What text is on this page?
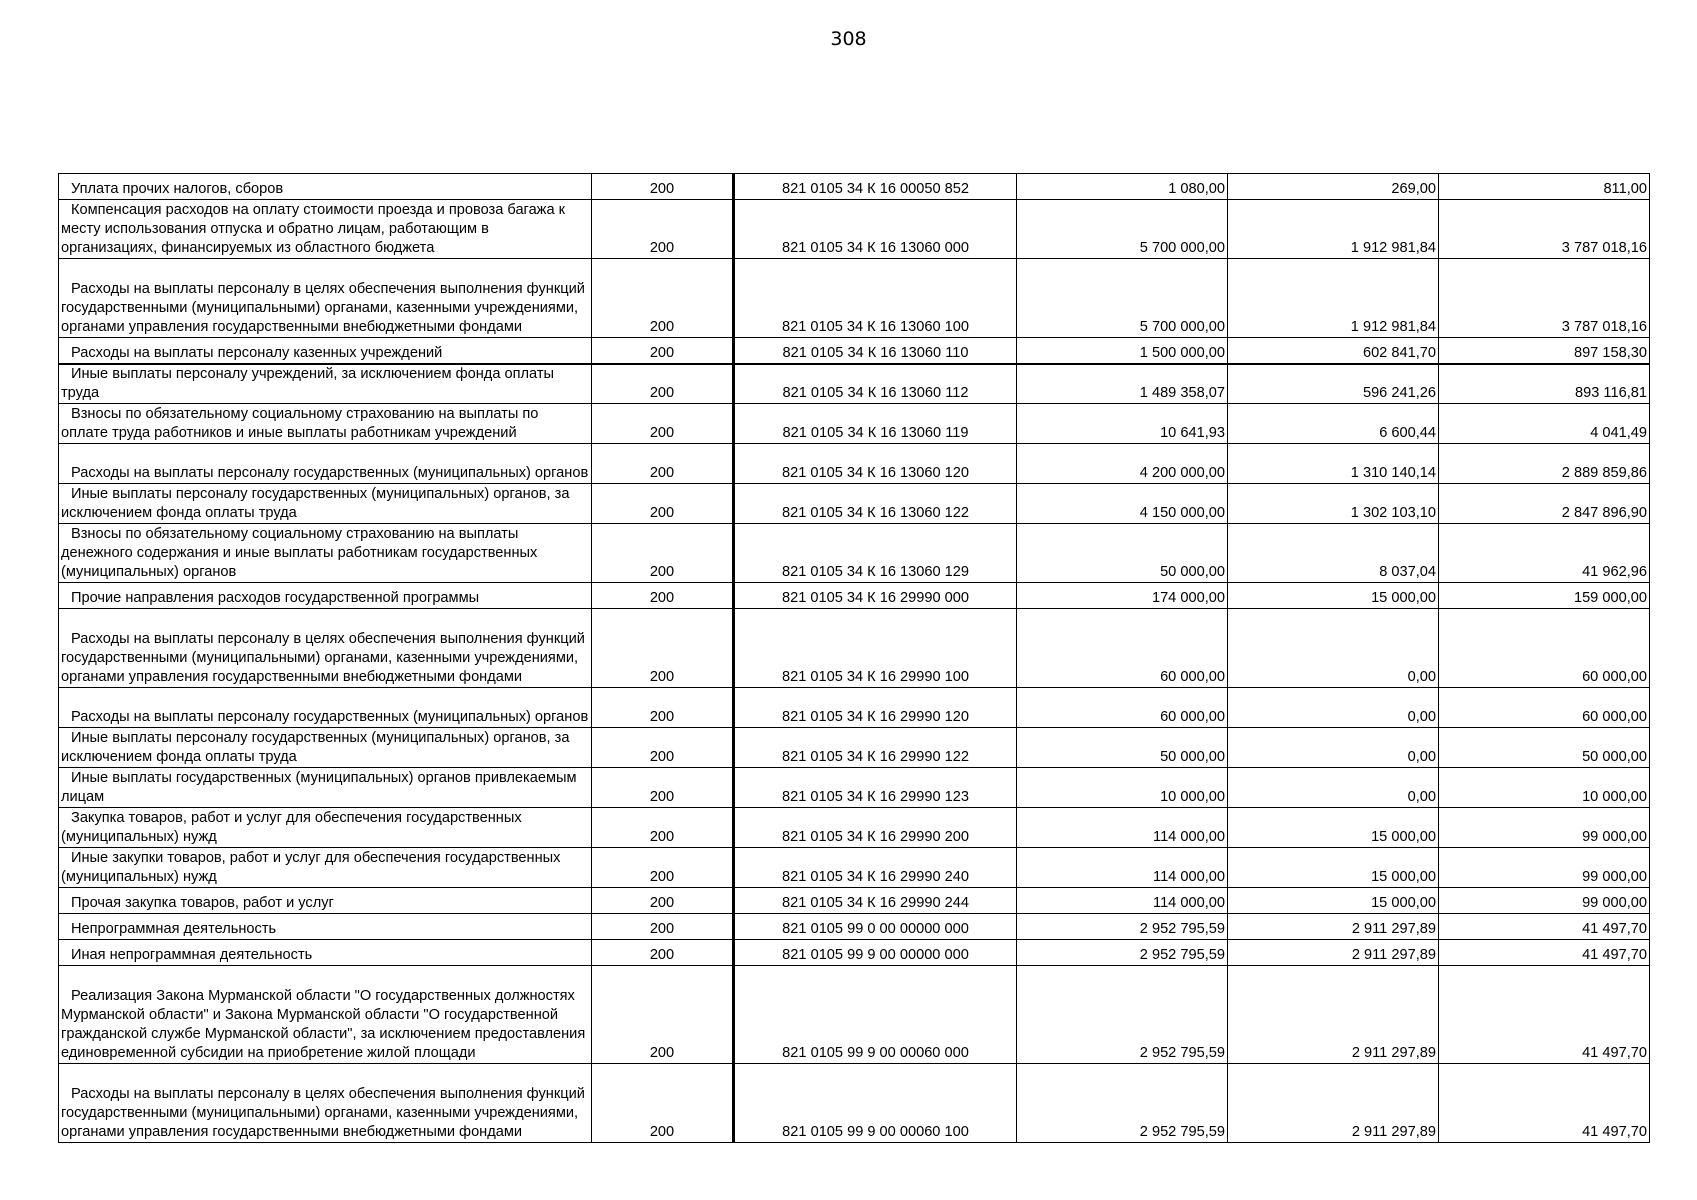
308
Уплата прочих налогов, сборов	200	821 0105 34 К 16 00050 852	1 080,00	269,00	811,00
Компенсация расходов на оплату стоимости проезда и провоза багажа к месту использования отпуска и обратно лицам, работающим в организациях, финансируемых из областного бюджета	200	821 0105 34 К 16 13060 000	5 700 000,00	1 912 981,84	3 787 018,16
Расходы на выплаты персоналу в целях обеспечения выполнения функций государственными (муниципальными) органами, казенными учреждениями, органами управления государственными внебюджетными фондами	200	821 0105 34 К 16 13060 100	5 700 000,00	1 912 981,84	3 787 018,16
Расходы на выплаты персоналу казенных учреждений	200	821 0105 34 К 16 13060 110	1 500 000,00	602 841,70	897 158,30
Иные выплаты персоналу учреждений, за исключением фонда оплаты труда	200	821 0105 34 К 16 13060 112	1 489 358,07	596 241,26	893 116,81
Взносы по обязательному социальному страхованию на выплаты по оплате труда работников и иные выплаты работникам учреждений	200	821 0105 34 К 16 13060 119	10 641,93	6 600,44	4 041,49
Расходы на выплаты персоналу государственных (муниципальных) органов	200	821 0105 34 К 16 13060 120	4 200 000,00	1 310 140,14	2 889 859,86
Иные выплаты персоналу государственных (муниципальных) органов, за исключением фонда оплаты труда	200	821 0105 34 К 16 13060 122	4 150 000,00	1 302 103,10	2 847 896,90
Взносы по обязательному социальному страхованию на выплаты денежного содержания и иные выплаты работникам государственных (муниципальных) органов	200	821 0105 34 К 16 13060 129	50 000,00	8 037,04	41 962,96
Прочие направления расходов государственной программы	200	821 0105 34 К 16 29990 000	174 000,00	15 000,00	159 000,00
Расходы на выплаты персоналу в целях обеспечения выполнения функций государственными (муниципальными) органами, казенными учреждениями, органами управления государственными внебюджетными фондами	200	821 0105 34 К 16 29990 100	60 000,00	0,00	60 000,00
Расходы на выплаты персоналу государственных (муниципальных) органов	200	821 0105 34 К 16 29990 120	60 000,00	0,00	60 000,00
Иные выплаты персоналу государственных (муниципальных) органов, за исключением фонда оплаты труда	200	821 0105 34 К 16 29990 122	50 000,00	0,00	50 000,00
Иные выплаты государственных (муниципальных) органов привлекаемым лицам	200	821 0105 34 К 16 29990 123	10 000,00	0,00	10 000,00
Закупка товаров, работ и услуг для обеспечения государственных (муниципальных) нужд	200	821 0105 34 К 16 29990 200	114 000,00	15 000,00	99 000,00
Иные закупки товаров, работ и услуг для обеспечения государственных (муниципальных) нужд	200	821 0105 34 К 16 29990 240	114 000,00	15 000,00	99 000,00
Прочая закупка товаров, работ и услуг	200	821 0105 34 К 16 29990 244	114 000,00	15 000,00	99 000,00
Непрограммная деятельность	200	821 0105 99 0 00 00000 000	2 952 795,59	2 911 297,89	41 497,70
Иная непрограммная деятельность	200	821 0105 99 9 00 00000 000	2 952 795,59	2 911 297,89	41 497,70
Реализация Закона Мурманской области "О государственных должностях Мурманской области" и Закона Мурманской области "О государственной гражданской службе Мурманской области", за исключением предоставления единовременной субсидии на приобретение жилой площади	200	821 0105 99 9 00 00060 000	2 952 795,59	2 911 297,89	41 497,70
Расходы на выплаты персоналу в целях обеспечения выполнения функций государственными (муниципальными) органами, казенными учреждениями, органами управления государственными внебюджетными фондами	200	821 0105 99 9 00 00060 100	2 952 795,59	2 911 297,89	41 497,70
